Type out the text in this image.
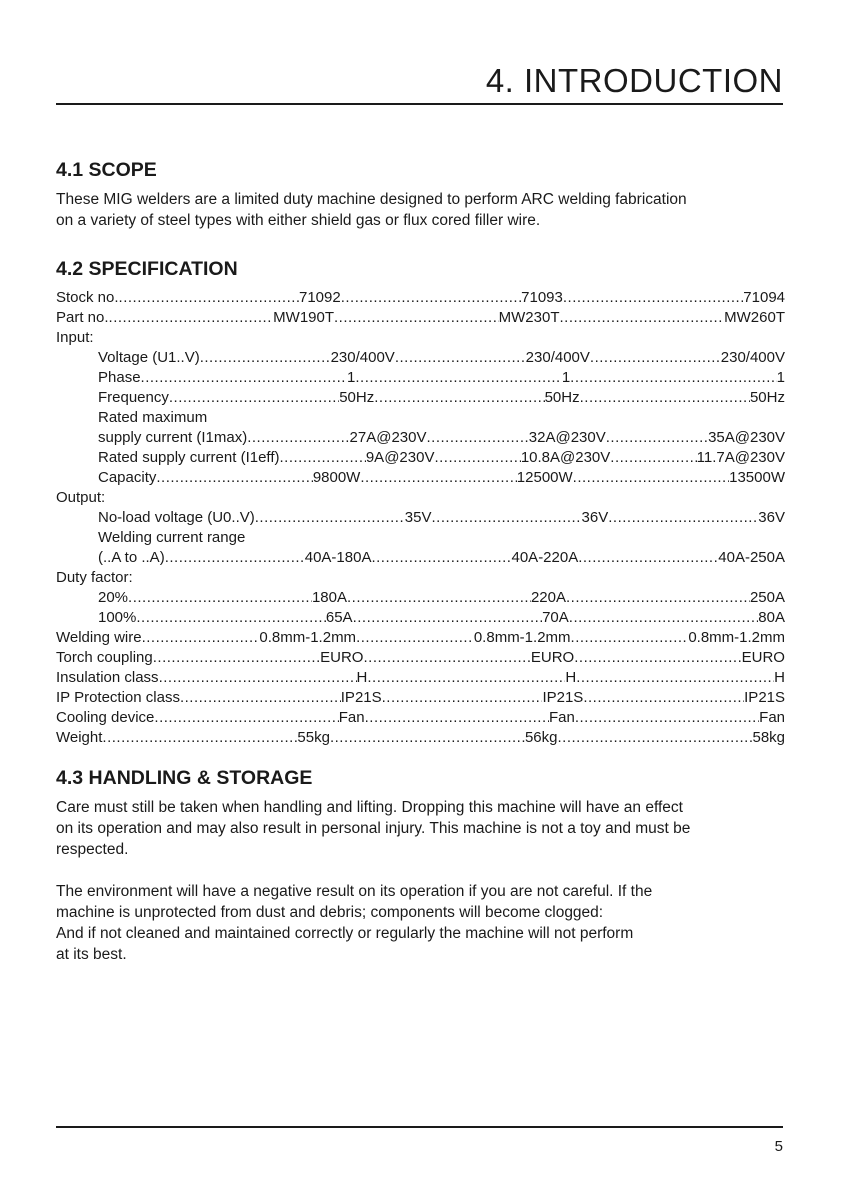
4. INTRODUCTION
4.1 SCOPE

These MIG welders are a limited duty machine designed to perform ARC welding fabrication

on a variety of steel types with either shield gas or flux cored filler wire.

4.2 SPECIFICATION
Stock no. .....	71092 .....	71093 .....	71094
Part no. .....	MW190T .....	MW230T .....	MW260T
Input:
Voltage (U1..V) .....	230/400V .....	230/400V .....	230/400V
Phase .....	1 .....	1 .....	1
Frequency .....	50Hz .....	50Hz .....	50Hz
Rated maximum
supply current (I1max) .....	27A@230V .....	32A@230V .....	35A@230V
Rated supply current (I1eff) .....	9A@230V .....	10.8A@230V .....	11.7A@230V
Capacity .....	9800W .....	12500W .....	13500W
Output:
No-load voltage (U0..V) .....	35V .....	36V .....	36V
Welding current range
(..A to ..A) .....	40A-180A .....	40A-220A .....	40A-250A
Duty factor:
20% .....	180A .....	220A .....	250A
100% .....	65A .....	70A .....	80A
Welding wire .....	0.8mm-1.2mm .....	0.8mm-1.2mm .....	0.8mm-1.2mm
Torch coupling .....	EURO .....	EURO .....	EURO
Insulation class .....	H .....	H .....	H
IP Protection class .....	IP21S .....	IP21S .....	IP21S
Cooling device .....	Fan .....	Fan .....	Fan
Weight .....	55kg .....	56kg .....	58kg
4.3 HANDLING & STORAGE

Care must still be taken when handling and lifting. Dropping this machine will have an effect

on its operation and may also result in personal injury. This machine is not a toy and must be

respected.

The environment will have a negative result on its operation if you are not careful. If the

machine is unprotected from dust and debris; components will become clogged:

And if not cleaned and maintained correctly or regularly the machine will not perform

at its best.

5
